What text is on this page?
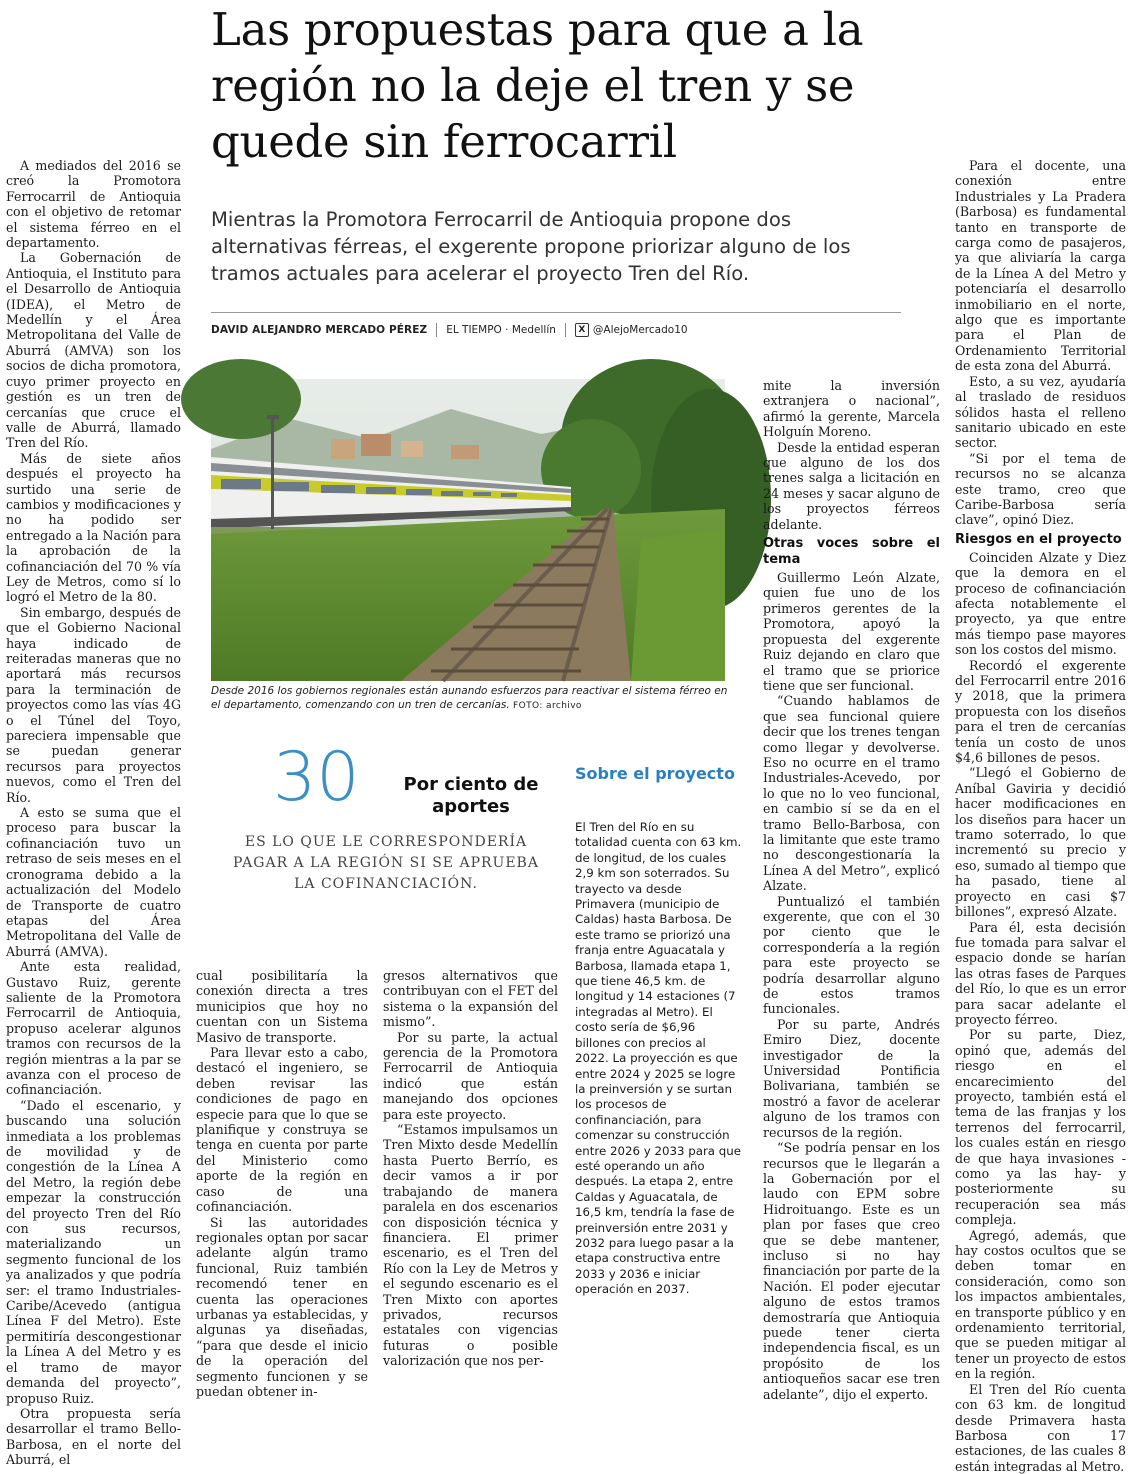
A mediados del 2016 se creó la Promotora Ferrocarril de Antioquia con el objetivo de retomar el sistema férreo en el departamento.

La Gobernación de Antioquia, el Instituto para el Desarrollo de Antioquia (IDEA), el Metro de Medellín y el Área Metropolitana del Valle de Aburrá (AMVA) son los socios de dicha promotora, cuyo primer proyecto en gestión es un tren de cercanías que cruce el valle de Aburrá, llamado Tren del Río.

Más de siete años después el proyecto ha surtido una serie de cambios y modificaciones y no ha podido ser entregado a la Nación para la aprobación de la cofinanciación del 70 % vía Ley de Metros, como sí lo logró el Metro de la 80.

Sin embargo, después de que el Gobierno Nacional haya indicado de reiteradas maneras que no aportará más recursos para la terminación de proyectos como las vías 4G o el Túnel del Toyo, pareciera impensable que se puedan generar recursos para proyectos nuevos, como el Tren del Río.

A esto se suma que el proceso para buscar la cofinanciación tuvo un retraso de seis meses en el cronograma debido a la actualización del Modelo de Transporte de cuatro etapas del Área Metropolitana del Valle de Aburrá (AMVA).

Ante esta realidad, Gustavo Ruiz, gerente saliente de la Promotora Ferrocarril de Antioquia, propuso acelerar algunos tramos con recursos de la región mientras a la par se avanza con el proceso de cofinanciación.

“Dado el escenario, y buscando una solución inmediata a los problemas de movilidad y de congestión de la Línea A del Metro, la región debe empezar la construcción del proyecto Tren del Río con sus recursos, materializando un segmento funcional de los ya analizados y que podría ser: el tramo Industriales-Caribe/Acevedo (antigua Línea F del Metro). Este permitiría descongestionar la Línea A del Metro y es el tramo de mayor demanda del proyecto”, propuso Ruiz.

Otra propuesta sería desarrollar el tramo Bello-Barbosa, en el norte del Aburrá, el

Las propuestas para que a la región no la deje el tren y se quede sin ferrocarril

Mientras la Promotora Ferrocarril de Antioquia propone dos alternativas férreas, el exgerente propone priorizar alguno de los tramos actuales para acelerar el proyecto Tren del Río.

DAVID ALEJANDRO MERCADO PÉREZ EL TIEMPO · Medellín	X @AlejoMercado10
Desde 2016 los gobiernos regionales están aunando esfuerzos para reactivar el sistema férreo en el departamento, comenzando con un tren de cercanías. FOTO: archivo
30	Por ciento de aportes
ES LO QUE LE CORRESPONDERÍA PAGAR A LA REGIÓN SI SE APRUEBA LA COFINANCIACIÓN.

cual posibilitaría la conexión directa a tres municipios que hoy no cuentan con un Sistema Masivo de transporte.

Para llevar esto a cabo, destacó el ingeniero, se deben revisar las condiciones de pago en especie para que lo que se planifique y construya se tenga en cuenta por parte del Ministerio como aporte de la región en caso de una cofinanciación.

Si las autoridades regionales optan por sacar adelante algún tramo funcional, Ruiz también recomendó tener en cuenta las operaciones urbanas ya establecidas, y algunas ya diseñadas, “para que desde el inicio de la operación del segmento funcionen y se puedan obtener in-

gresos alternativos que contribuyan con el FET del sistema o la expansión del mismo”.

Por su parte, la actual gerencia de la Promotora Ferrocarril de Antioquia indicó que están manejando dos opciones para este proyecto.

“Estamos impulsamos un Tren Mixto desde Medellín hasta Puerto Berrío, es decir vamos a ir por trabajando de manera paralela en dos escenarios con disposición técnica y financiera. El primer escenario, es el Tren del Río con la Ley de Metros y el segundo escenario es el Tren Mixto con aportes privados, recursos estatales con vigencias futuras o posible valorización que nos per-

Sobre el proyecto

El Tren del Río en su totalidad cuenta con 63 km. de longitud, de los cuales 2,9 km son soterrados. Su trayecto va desde Primavera (municipio de Caldas) hasta Barbosa. De este tramo se priorizó una franja entre Aguacatala y Barbosa, llamada etapa 1, que tiene 46,5 km. de longitud y 14 estaciones (7 integradas al Metro). El costo sería de $6,96 billones con precios al 2022. La proyección es que entre 2024 y 2025 se logre la preinversión y se surtan los procesos de confinanciación, para comenzar su construcción entre 2026 y 2033 para que esté operando un año después. La etapa 2, entre Caldas y Aguacatala, de 16,5 km, tendría la fase de preinversión entre 2031 y 2032 para luego pasar a la etapa constructiva entre 2033 y 2036 e iniciar operación en 2037.

mite la inversión extranjera o nacional”, afirmó la gerente, Marcela Holguín Moreno.

Desde la entidad esperan que alguno de los dos trenes salga a licitación en 24 meses y sacar alguno de los proyectos férreos adelante.

Otras voces sobre el tema

Guillermo León Alzate, quien fue uno de los primeros gerentes de la Promotora, apoyó la propuesta del exgerente Ruiz dejando en claro que el tramo que se priorice tiene que ser funcional.

“Cuando hablamos de que sea funcional quiere decir que los trenes tengan como llegar y devolverse. Eso no ocurre en el tramo Industriales-Acevedo, por lo que no lo veo funcional, en cambio sí se da en el tramo Bello-Barbosa, con la limitante que este tramo no descongestionaría la Línea A del Metro”, explicó Alzate.

Puntualizó el también exgerente, que con el 30 por ciento que le correspondería a la región para este proyecto se podría desarrollar alguno de estos tramos funcionales.

Por su parte, Andrés Emiro Diez, docente investigador de la Universidad Pontificia Bolivariana, también se mostró a favor de acelerar alguno de los tramos con recursos de la región.

“Se podría pensar en los recursos que le llegarán a la Gobernación por el laudo con EPM sobre Hidroituango. Este es un plan por fases que creo que se debe mantener, incluso si no hay financiación por parte de la Nación. El poder ejecutar alguno de estos tramos demostraría que Antioquia puede tener cierta independencia fiscal, es un propósito de los antioqueños sacar ese tren adelante”, dijo el experto.

Para el docente, una conexión entre Industriales y La Pradera (Barbosa) es fundamental tanto en transporte de carga como de pasajeros, ya que aliviaría la carga de la Línea A del Metro y potenciaría el desarrollo inmobiliario en el norte, algo que es importante para el Plan de Ordenamiento Territorial de esta zona del Aburrá.

Esto, a su vez, ayudaría al traslado de residuos sólidos hasta el relleno sanitario ubicado en este sector.

“Si por el tema de recursos no se alcanza este tramo, creo que Caribe-Barbosa sería clave”, opinó Diez.

Riesgos en el proyecto

Coinciden Alzate y Diez que la demora en el proceso de cofinanciación afecta notablemente el proyecto, ya que entre más tiempo pase mayores son los costos del mismo.

Recordó el exgerente del Ferrocarril entre 2016 y 2018, que la primera propuesta con los diseños para el tren de cercanías tenía un costo de unos $4,6 billones de pesos.

“Llegó el Gobierno de Aníbal Gaviria y decidió hacer modificaciones en los diseños para hacer un tramo soterrado, lo que incrementó su precio y eso, sumado al tiempo que ha pasado, tiene al proyecto en casi $7 billones”, expresó Alzate.

Para él, esta decisión fue tomada para salvar el espacio donde se harían las otras fases de Parques del Río, lo que es un error para sacar adelante el proyecto férreo.

Por su parte, Diez, opinó que, además del riesgo en el encarecimiento del proyecto, también está el tema de las franjas y los terrenos del ferrocarril, los cuales están en riesgo de que haya invasiones -como ya las hay- y posteriormente su recuperación sea más compleja.

Agregó, además, que hay costos ocultos que se deben tomar en consideración, como son los impactos ambientales, en transporte público y en ordenamiento territorial, que se pueden mitigar al tener un proyecto de estos en la región.

El Tren del Río cuenta con 63 km. de longitud desde Primavera hasta Barbosa con 17 estaciones, de las cuales 8 están integradas al Metro.
